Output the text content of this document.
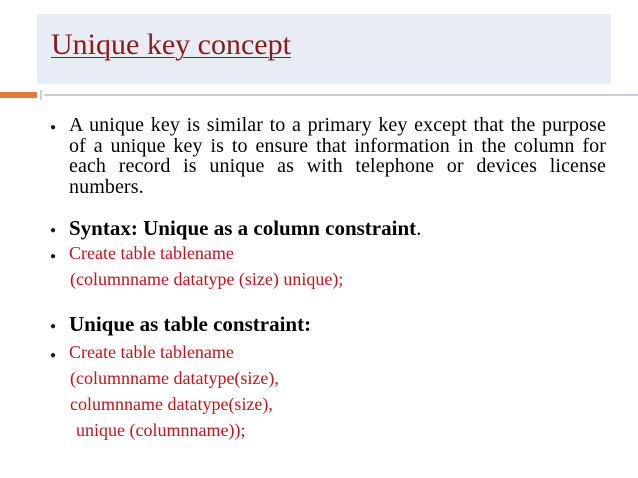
Unique key concept
● A unique key is similar to a primary key except that the purpose of a unique key is to ensure that information in the column for each record is unique as with telephone or devices license numbers.

● Syntax: Unique as a column constraint.
● Create table tablename
(columnname datatype (size) unique);
● Unique as table constraint:
● Create table tablename
(columnname datatype(size),
columnname datatype(size),
unique (columnname));
